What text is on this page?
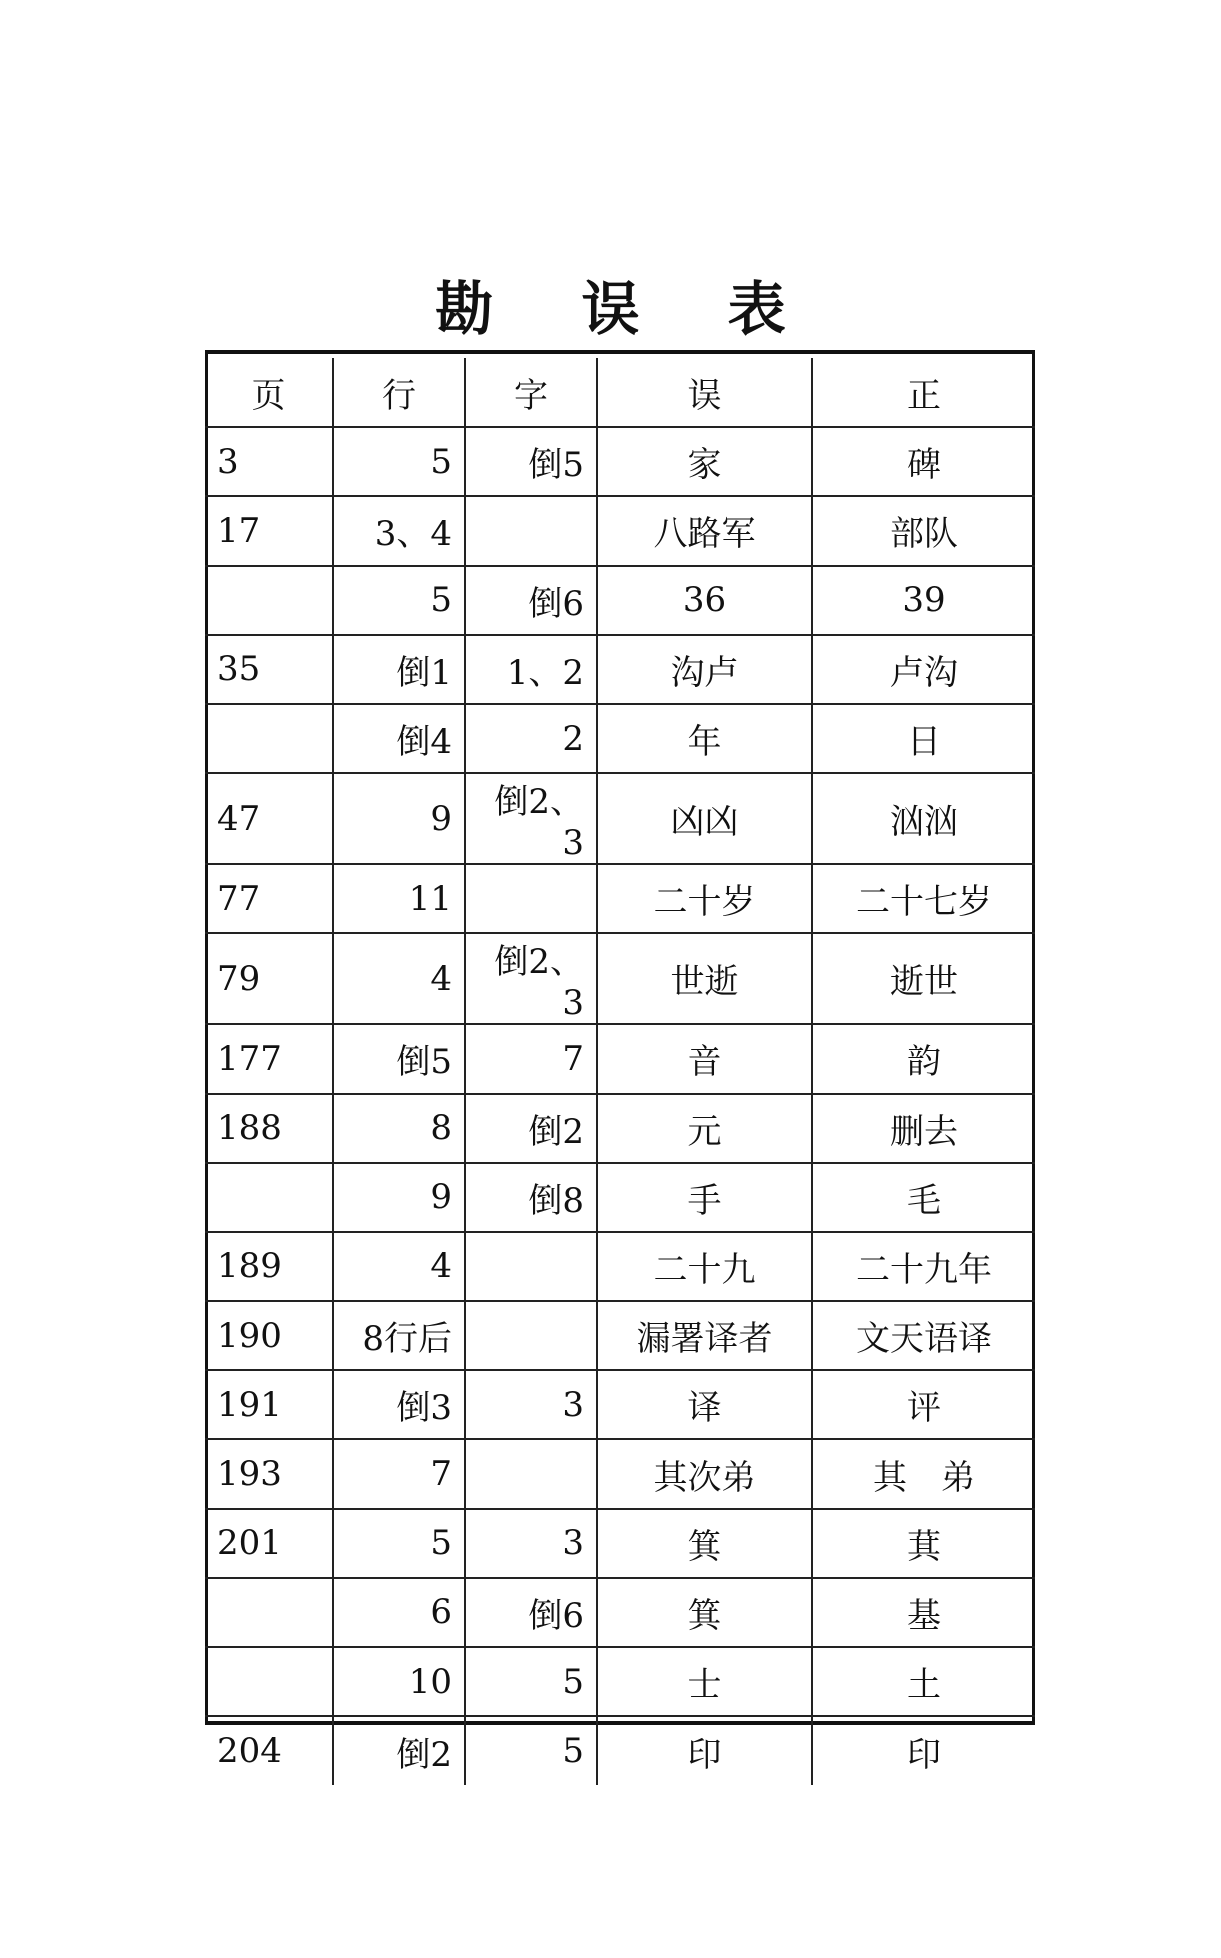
勘 误 表
页	行	字	误	正
3	5	倒5	家	碑
17	3、4		八路军	部队
	5	倒6	36	39
35	倒1	1、2	沟卢	卢沟
	倒4	2	年	日
47	9	倒2、3	凶凶	汹汹
77	11		二十岁	二十七岁
79	4	倒2、3	世逝	逝世
177	倒5	7	音	韵
188	8	倒2	元	删去
	9	倒8	手	毛
189	4		二十九	二十九年
190	8行后		漏署译者	文天语译
191	倒3	3	译	评
193	7		其次弟	其　弟
201	5	3	箕	萁
	6	倒6	箕	基
	10	5	士	土
204	倒2	5	印	印
